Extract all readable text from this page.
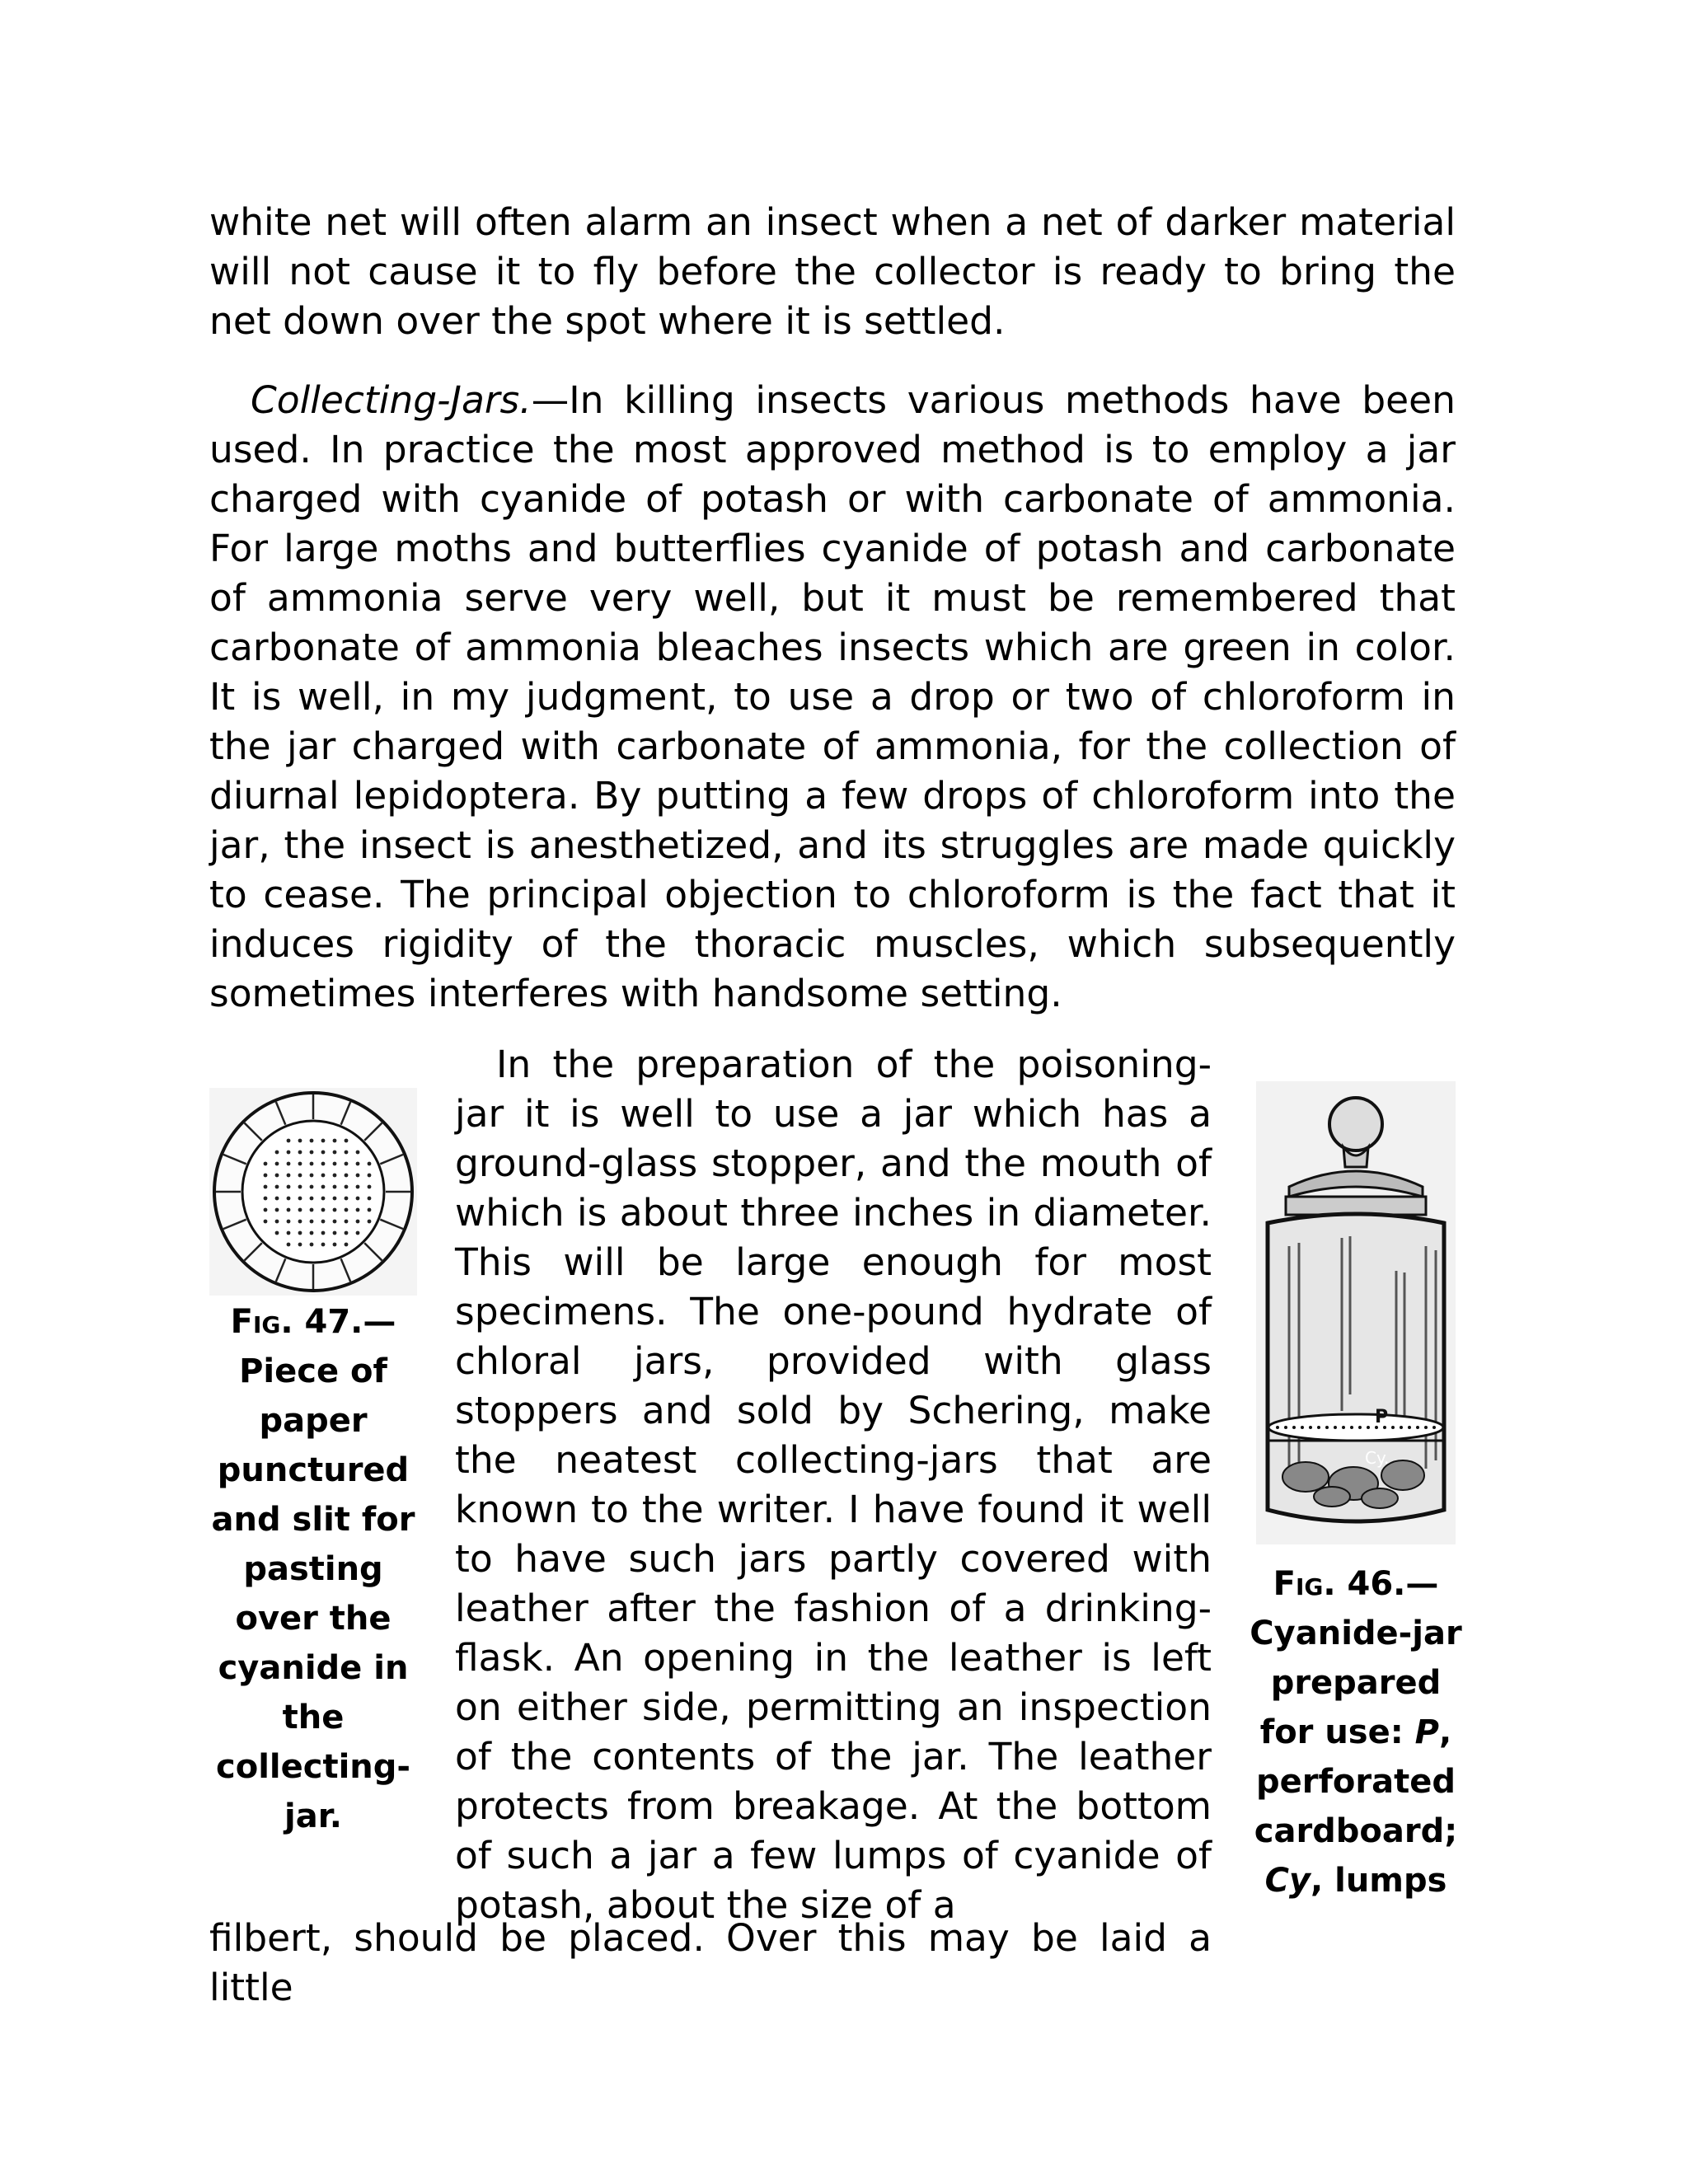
white net will often alarm an insect when a net of darker material will not cause it to fly before the collector is ready to bring the net down over the spot where it is settled.

Collecting-Jars.—In killing insects various methods have been used. In practice the most approved method is to employ a jar charged with cyanide of potash or with carbonate of ammonia. For large moths and butterflies cyanide of potash and carbonate of ammonia serve very well, but it must be remembered that carbonate of ammonia bleaches insects which are green in color. It is well, in my judgment, to use a drop or two of chloroform in the jar charged with carbonate of ammonia, for the collection of diurnal lepidoptera. By putting a few drops of chloroform into the jar, the insect is anesthetized, and its struggles are made quickly to cease. The principal objection to chloroform is the fact that it induces rigidity of the thoracic muscles, which subsequently sometimes interferes with handsome setting.

Fig. 47.—
Piece of paper punctured and slit for pasting over the cyanide in the collecting-jar.

In the preparation of the poisoning-jar it is well to use a jar which has a ground-glass stopper, and the mouth of which is about three inches in diameter. This will be large enough for most specimens. The one-pound hydrate of chloral jars, provided with glass stoppers and sold by Schering, make the neatest collecting-jars that are known to the writer. I have found it well to have such jars partly covered with leather after the fashion of a drinking-flask. An opening in the leather is left on either side, permitting an inspection of the contents of the jar. The leather protects from breakage. At the bottom of such a jar a few lumps of cyanide of potash, about the size of a

filbert, should be placed. Over this may be laid a little

P
Cy.
Fig. 46.—
Cyanide-jar prepared for use: P, perforated cardboard; Cy, lumps
